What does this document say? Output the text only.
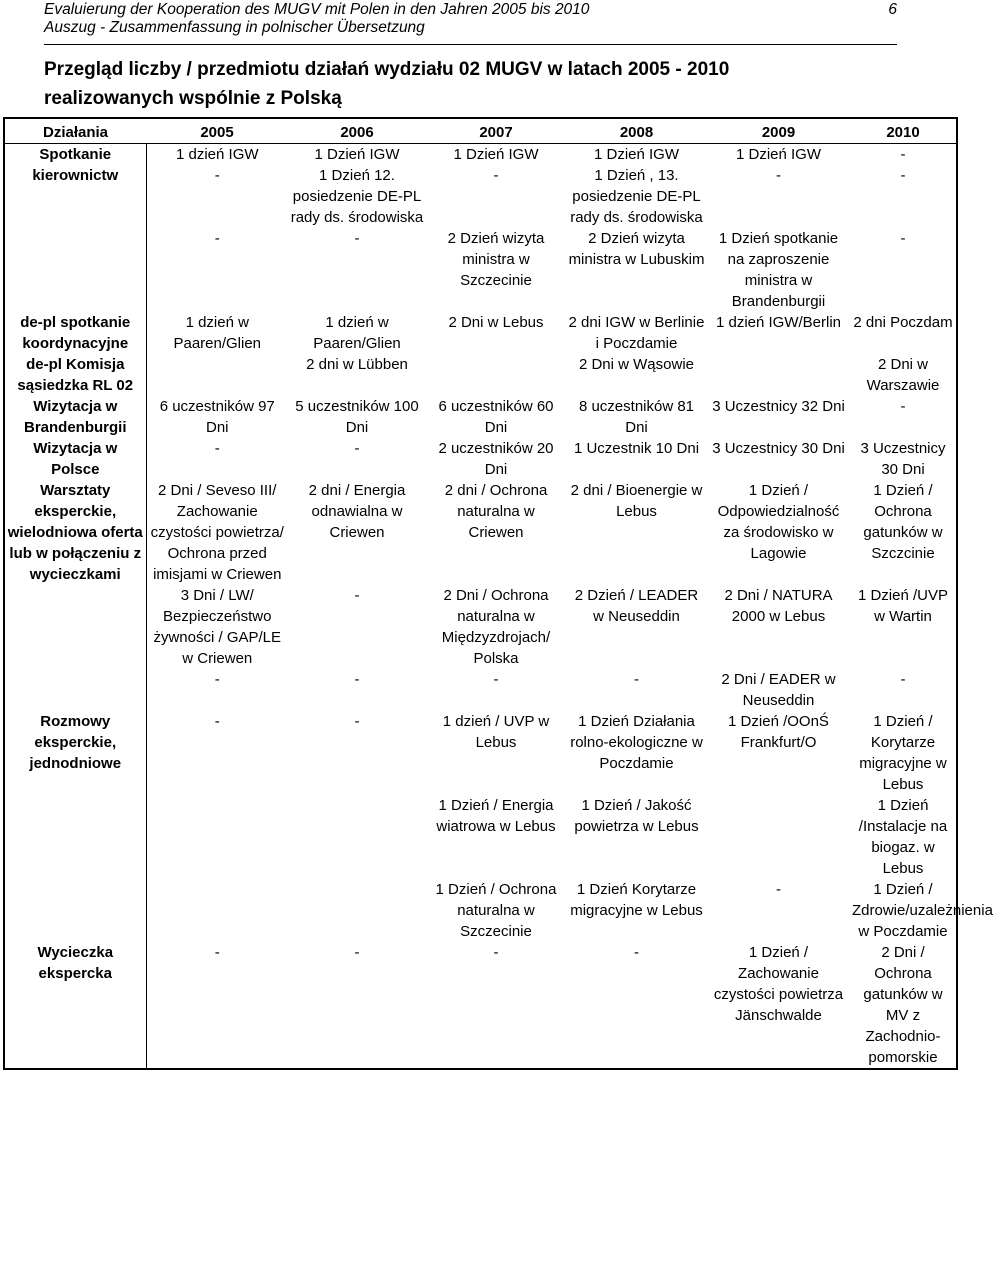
Evaluierung der Kooperation des MUGV mit Polen in den Jahren 2005 bis 2010
Auszug - Zusammenfassung in polnischer Übersetzung
6
Przegląd liczby / przedmiotu działań wydziału 02 MUGV w latach 2005 - 2010
realizowanych wspólnie z Polską
Działania	2005	2006	2007	2008	2009	2010
Spotkanie kierownictw	1 dzień IGW	1 Dzień IGW	1 Dzień IGW	1 Dzień IGW	1 Dzień IGW	-
	-	1 Dzień 12. posiedzenie DE-PL rady ds. środowiska	-	1 Dzień , 13. posiedzenie DE-PL rady ds. środowiska	-	-
	-	-	2 Dzień wizyta ministra w Szczecinie	2 Dzień wizyta ministra w Lubuskim	1 Dzień spotkanie na zaproszenie ministra w Brandenburgii	-
de-pl spotkanie koordynacyjne	1 dzień w Paaren/Glien	1 dzień w Paaren/Glien	2 Dni w Lebus	2 dni IGW w Berlinie i Poczdamie	1 dzień IGW/Berlin	2 dni Poczdam
de-pl Komisja sąsiedzka RL 02		2 dni w Lübben		2 Dni w Wąsowie		2 Dni w Warszawie
Wizytacja w Brandenburgii	6 uczestników 97 Dni	5 uczestników 100 Dni	6 uczestników 60 Dni	8 uczestników 81 Dni	3 Uczestnicy 32 Dni	-
Wizytacja w Polsce	-	-	2 uczestników 20 Dni	1 Uczestnik 10 Dni	3 Uczestnicy 30 Dni	3 Uczestnicy 30 Dni
Warsztaty eksperckie, wielodniowa oferta lub w połączeniu z wycieczkami	2 Dni / Seveso III/ Zachowanie czystości powietrza/ Ochrona przed imisjami w Criewen	2 dni / Energia odnawialna w Criewen	2 dni / Ochrona naturalna w Criewen	2 dni / Bioenergie w Lebus	1 Dzień / Odpowiedzialność za środowisko w Lagowie	1 Dzień / Ochrona gatunków w Szczcinie
	3 Dni / LW/ Bezpieczeństwo żywności / GAP/LE w Criewen	-	2 Dni / Ochrona naturalna w Międzyzdrojach/ Polska	2 Dzień / LEADER w Neuseddin	2 Dni / NATURA 2000 w Lebus	1 Dzień /UVP w Wartin
	-	-	-	-	2 Dni / EADER w Neuseddin	-
Rozmowy eksperckie, jednodniowe	-	-	1 dzień / UVP w Lebus	1 Dzień Działania rolno-ekologiczne w Poczdamie	1 Dzień /OOnŚ Frankfurt/O	1 Dzień / Korytarze migracyjne w Lebus
			1 Dzień / Energia wiatrowa w Lebus	1 Dzień / Jakość powietrza w Lebus		1 Dzień /Instalacje na biogaz. w Lebus
			1 Dzień / Ochrona naturalna w Szczecinie	1 Dzień Korytarze migracyjne w Lebus	-	1 Dzień / Zdrowie/uzależnienia w Poczdamie
Wycieczka ekspercka	-	-	-	-	1 Dzień / Zachowanie czystości powietrza Jänschwalde	2 Dni / Ochrona gatunków w MV z Zachodnio-pomorskie
